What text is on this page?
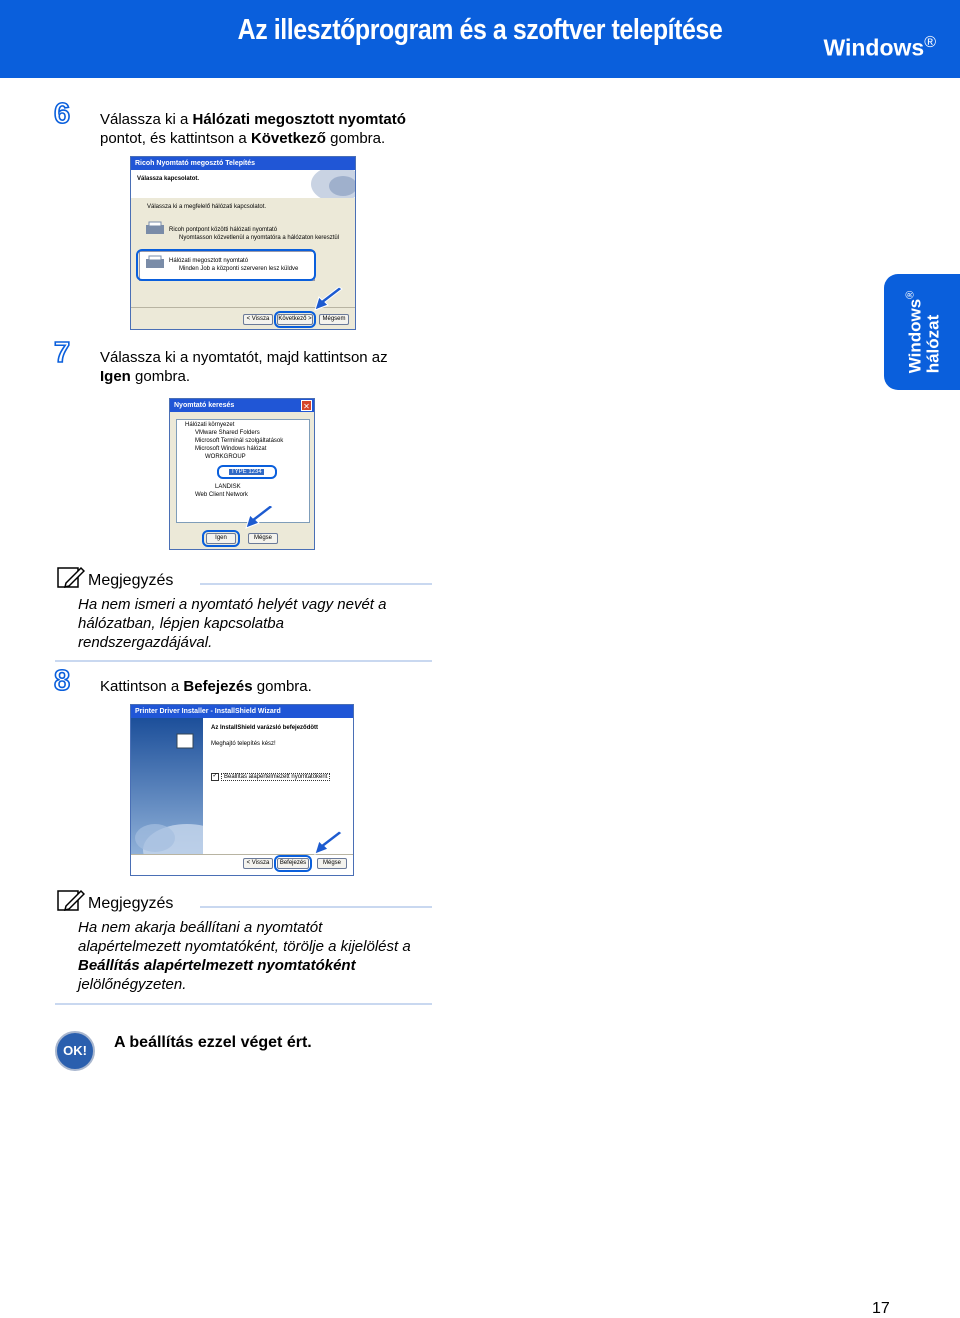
Az illesztőprogram és a szoftver telepítése
Windows®
Windows®
hálózat
6 Válassza ki a Hálózati megosztott nyomtató
pontot, és kattintson a Következő gombra.
Ricoh Nyomtató megosztó Telepítés
Válassza kapcsolatot.
Válassza ki a megfelelő hálózati kapcsolatot.
Ricoh pontpont közötti hálózati nyomtató
Nyomtasson közvetlenül a nyomtatóra a hálózaton keresztül
Hálózati megosztott nyomtató
Minden Job a központi szerveren lesz küldve
< Vissza	Következő >	Mégsem
7 Válassza ki a nyomtatót, majd kattintson az
Igen gombra.
Nyomtató keresés	✕
Hálózati környezet
VMware Shared Folders
Microsoft Terminál szolgáltatások
Microsoft Windows hálózat
WORKGROUP
TYPE 1234
LANDISK
Web Client Network
Igen	Mégse
Megjegyzés
Ha nem ismeri a nyomtató helyét vagy nevét a
hálózatban, lépjen kapcsolatba
rendszergazdájával.
8 Kattintson a Befejezés gombra.
Printer Driver Installer - InstallShield Wizard
Az InstallShield varázsló befejeződött
Meghajtó telepítés kész!
✓	Beállítás alapértelmezett nyomtatóként
< Vissza	Befejezés	Mégse
Megjegyzés
Ha nem akarja beállítani a nyomtatót
alapértelmezett nyomtatóként, törölje a kijelölést a
Beállítás alapértelmezett nyomtatóként
jelölőnégyzeten.
OK!	A beállítás ezzel véget ért.
17
